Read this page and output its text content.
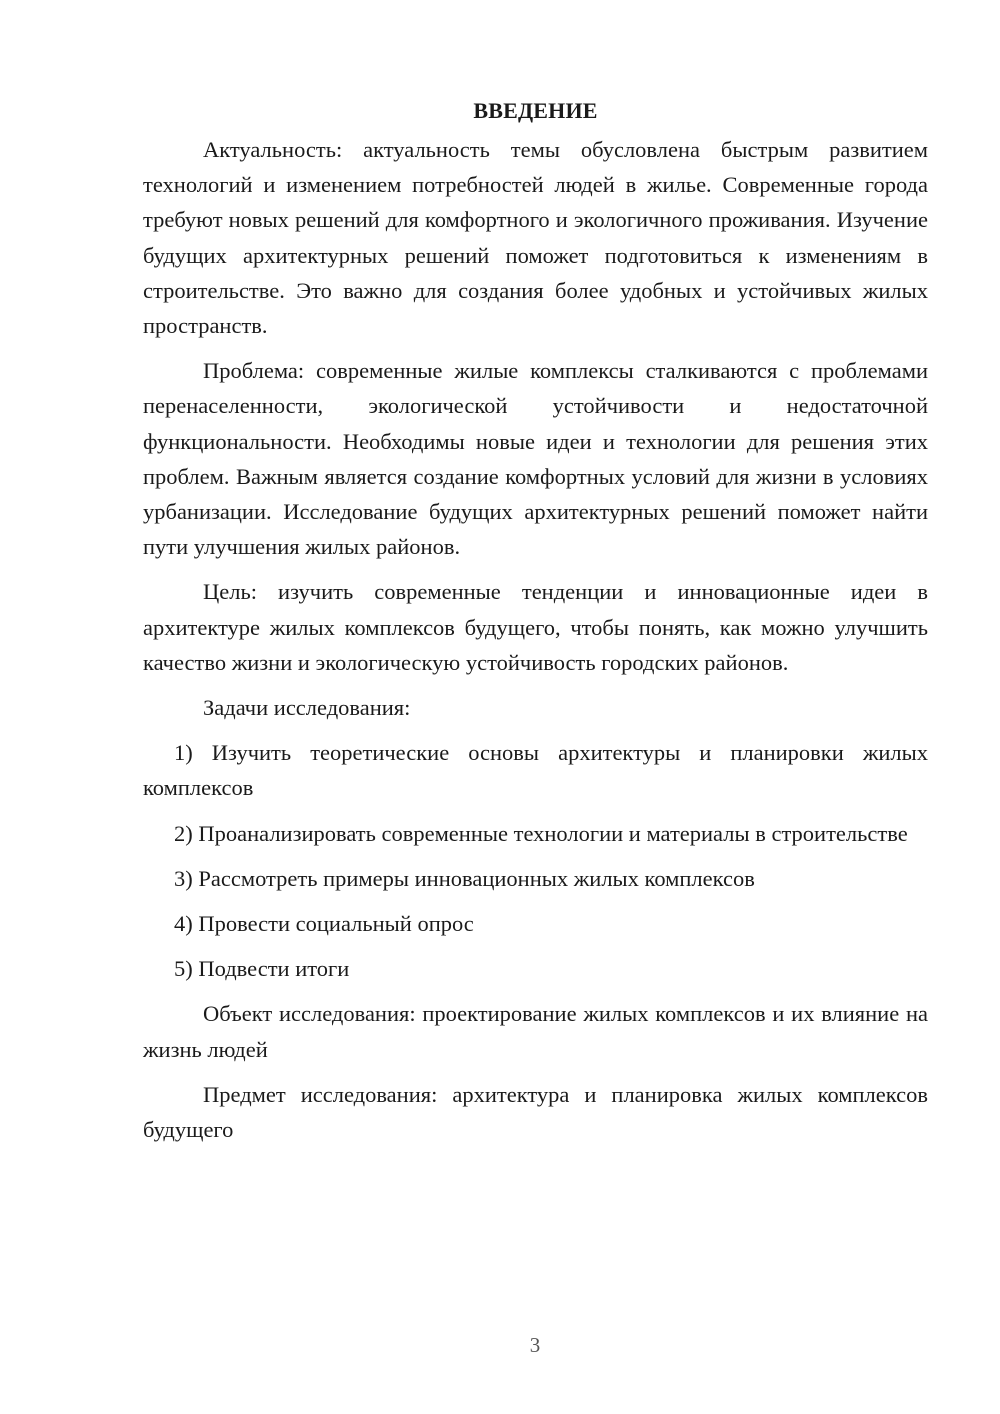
ВВЕДЕНИЕ

Актуальность: актуальность темы обусловлена быстрым развитием технологий и изменением потребностей людей в жилье. Современные города требуют новых решений для комфортного и экологичного проживания. Изучение будущих архитектурных решений поможет подготовиться к изменениям в строительстве. Это важно для создания более удобных и устойчивых жилых пространств.

Проблема: современные жилые комплексы сталкиваются с проблемами перенаселенности, экологической устойчивости и недостаточной функциональности. Необходимы новые идеи и технологии для решения этих проблем. Важным является создание комфортных условий для жизни в условиях урбанизации. Исследование будущих архитектурных решений поможет найти пути улучшения жилых районов.

Цель: изучить современные тенденции и инновационные идеи в архитектуре жилых комплексов будущего, чтобы понять, как можно улучшить качество жизни и экологическую устойчивость городских районов.

Задачи исследования:

1) Изучить теоретические основы архитектуры и планировки жилых комплексов

2) Проанализировать современные технологии и материалы в строительстве

3) Рассмотреть примеры инновационных жилых комплексов

4) Провести социальный опрос

5) Подвести итоги

Объект исследования: проектирование жилых комплексов и их влияние на жизнь людей

Предмет исследования: архитектура и планировка жилых комплексов будущего

3
